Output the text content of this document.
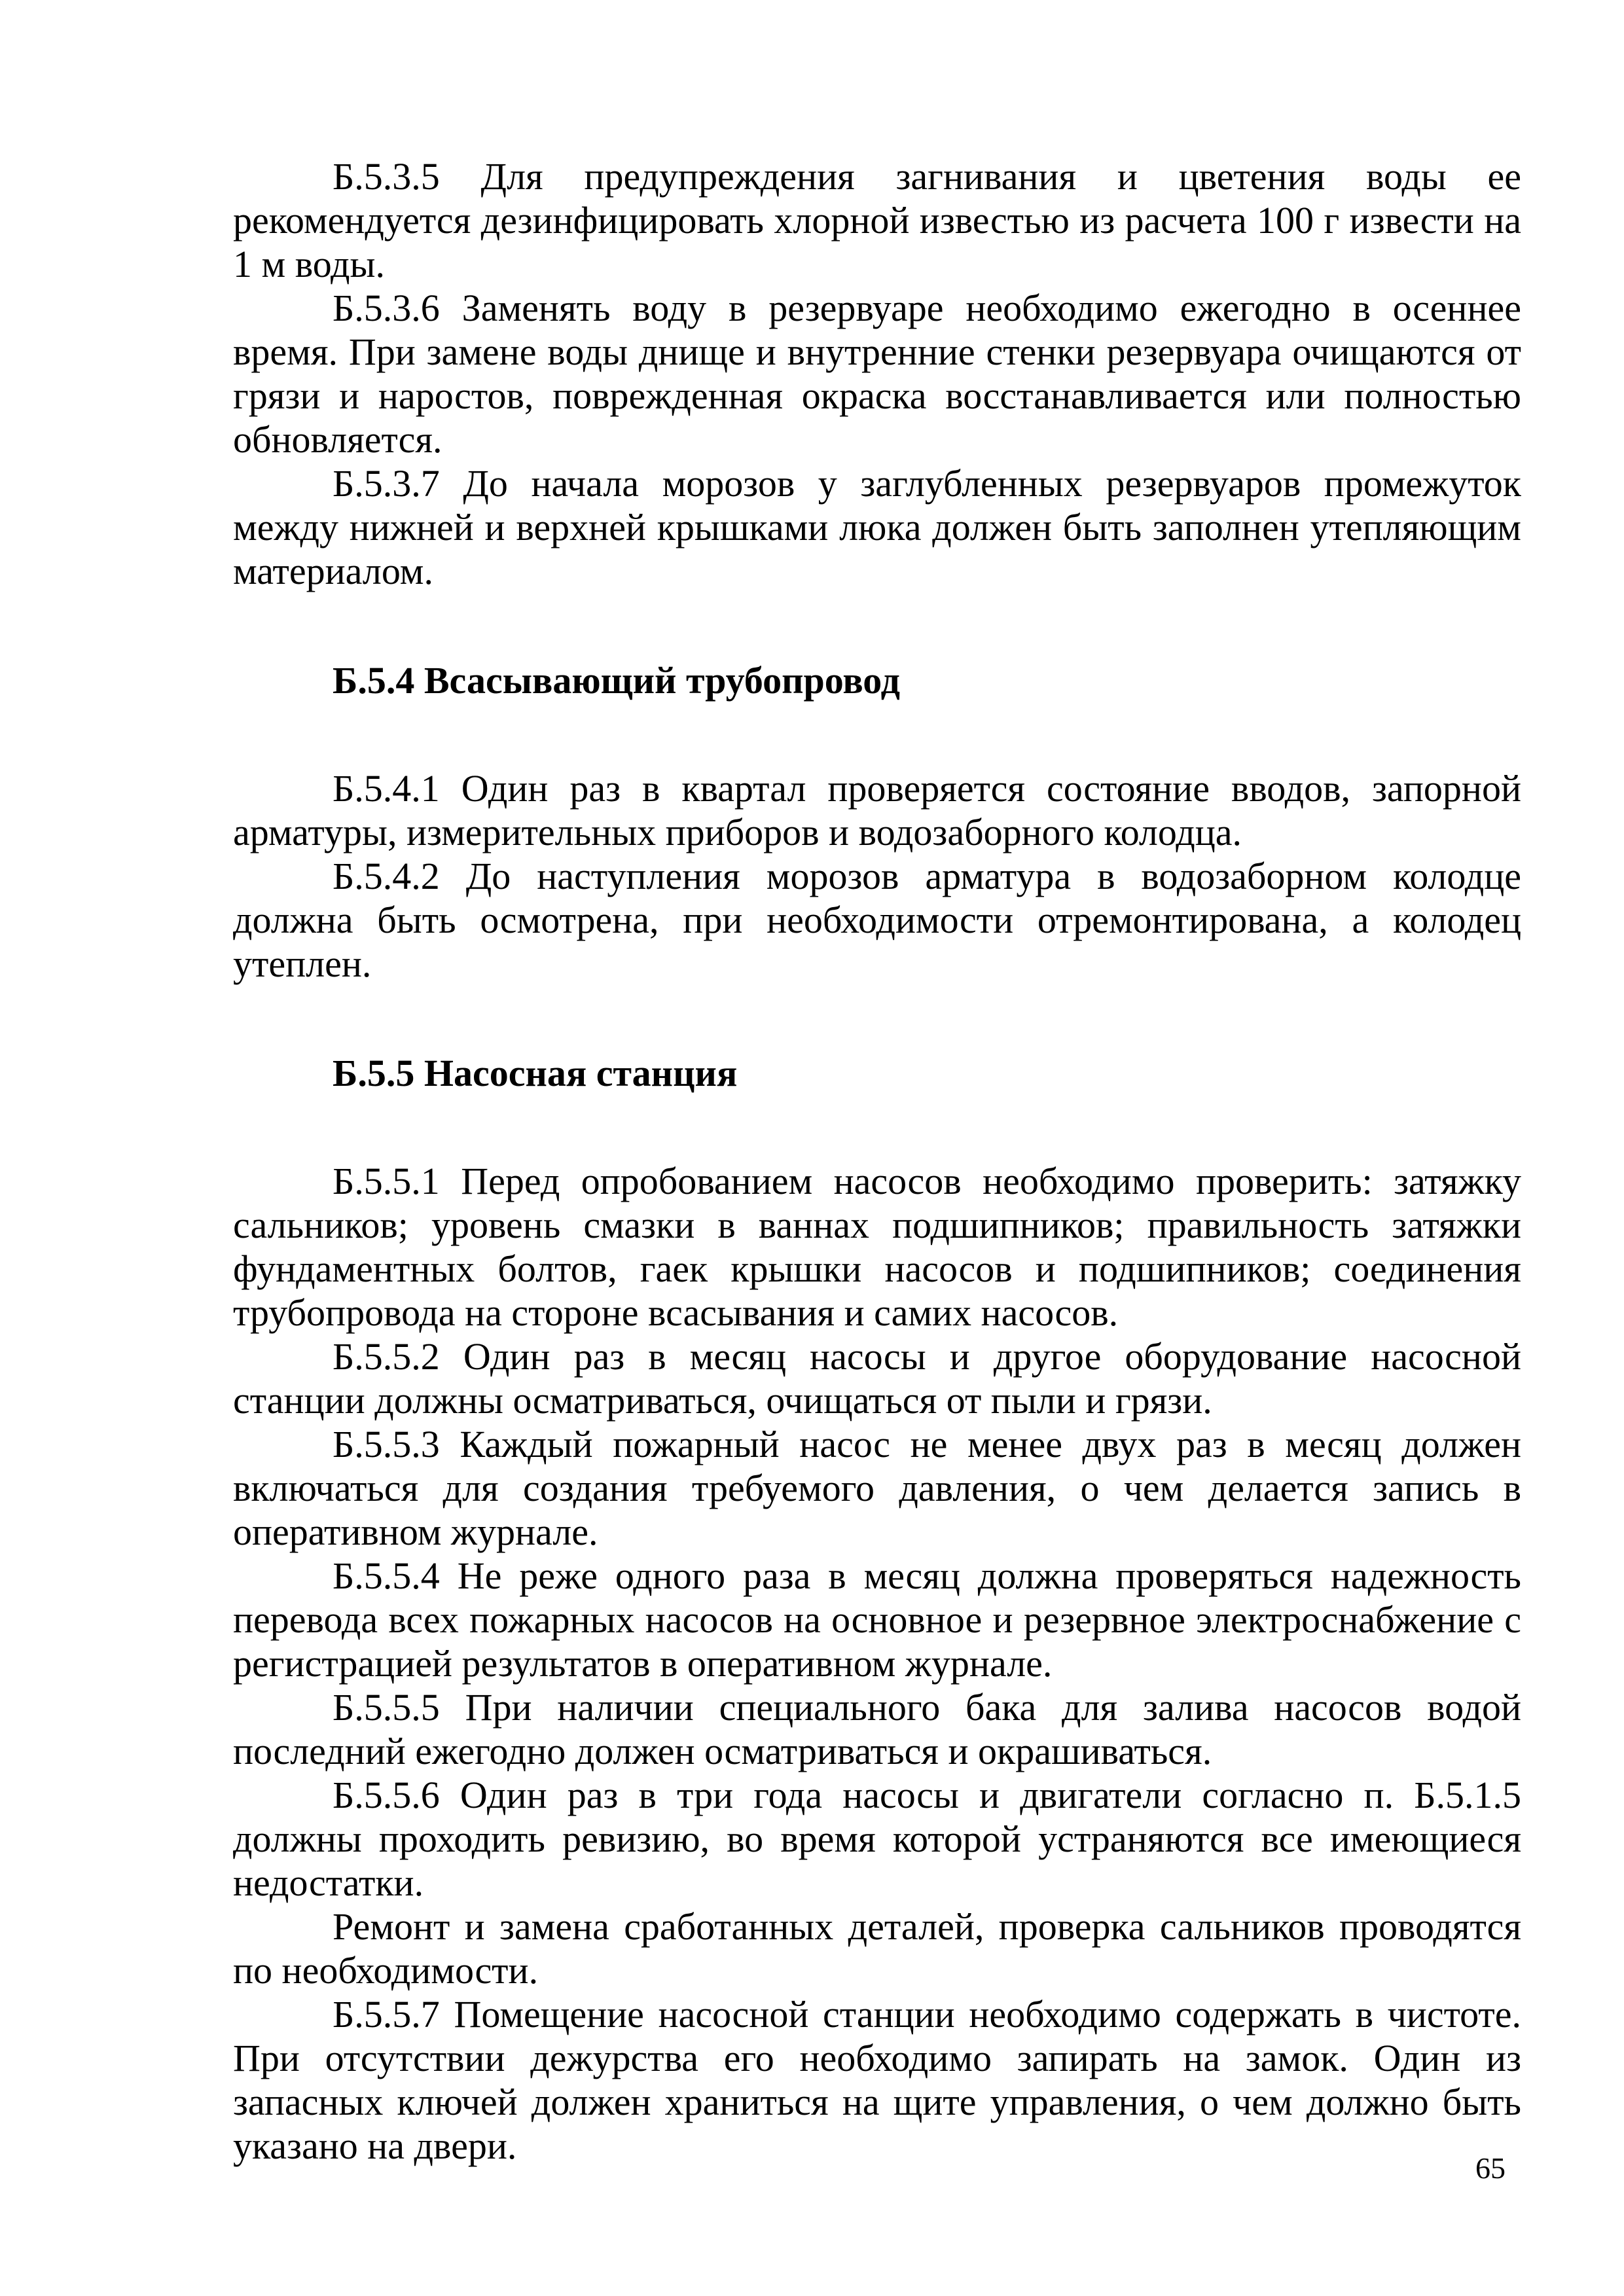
Б.5.3.5 Для предупреждения загнивания и цветения воды ее рекомендуется дезинфицировать хлорной известью из расчета 100 г извести на 1 м воды.

Б.5.3.6 Заменять воду в резервуаре необходимо ежегодно в осеннее время. При замене воды днище и внутренние стенки резервуара очищаются от грязи и наростов, поврежденная окраска восстанавливается или полностью обновляется.

Б.5.3.7 До начала морозов у заглубленных резервуаров промежуток между нижней и верхней крышками люка должен быть заполнен утепляющим материалом.

Б.5.4 Всасывающий трубопровод

Б.5.4.1 Один раз в квартал проверяется состояние вводов, запорной арматуры, измерительных приборов и водозаборного колодца.

Б.5.4.2 До наступления морозов арматура в водозаборном колодце должна быть осмотрена, при необходимости отремонтирована, а колодец утеплен.

Б.5.5 Насосная станция

Б.5.5.1 Перед опробованием насосов необходимо проверить: затяжку сальников; уровень смазки в ваннах подшипников; правильность затяжки фундаментных болтов, гаек крышки насосов и подшипников; соединения трубопровода на стороне всасывания и самих насосов.

Б.5.5.2 Один раз в месяц насосы и другое оборудование насосной станции должны осматриваться, очищаться от пыли и грязи.

Б.5.5.3 Каждый пожарный насос не менее двух раз в месяц должен включаться для создания требуемого давления, о чем делается запись в оперативном журнале.

Б.5.5.4 Не реже одного раза в месяц должна проверяться надежность перевода всех пожарных насосов на основное и резервное электроснабжение с регистрацией результатов в оперативном журнале.

Б.5.5.5 При наличии специального бака для залива насосов водой последний ежегодно должен осматриваться и окрашиваться.

Б.5.5.6 Один раз в три года насосы и двигатели согласно п. Б.5.1.5 должны проходить ревизию, во время которой устраняются все имеющиеся недостатки.

Ремонт и замена сработанных деталей, проверка сальников проводятся по необходимости.

Б.5.5.7 Помещение насосной станции необходимо содержать в чистоте. При отсутствии дежурства его необходимо запирать на замок. Один из запасных ключей должен храниться на щите управления, о чем должно быть указано на двери.

65
